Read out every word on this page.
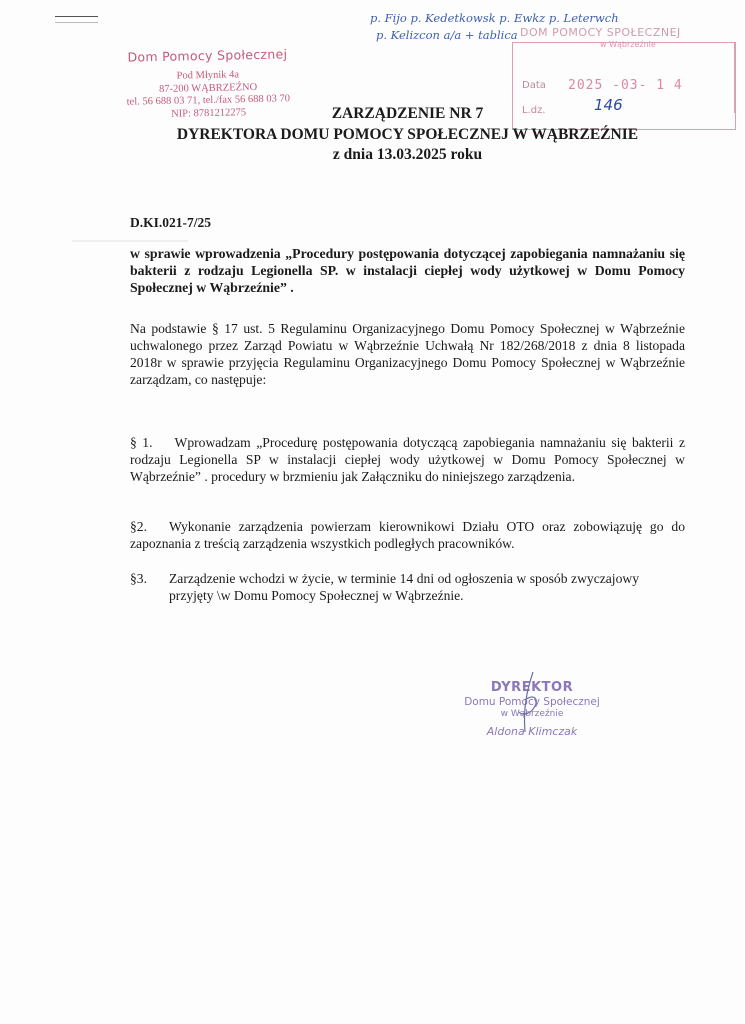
Dom Pomocy Społecznej
Pod Młynik 4a
87-200 WĄBRZEŹNO
tel. 56 688 03 71, tel./fax 56 688 03 70
NIP: 8781212275
DOM POMOCY SPOŁECZNEJ
w Wąbrzeźnie
Data 2025 -03- 1 4
L.dz.	146
p. Fijo p. Kedetkowsk p. Ewkz p. Leterwch
p. Kelizcon a/a + tablica
ZARZĄDZENIE NR 7
DYREKTORA DOMU POMOCY SPOŁECZNEJ W WĄBRZEŹNIE
z dnia 13.03.2025 roku
D.KI.021-7/25
w sprawie wprowadzenia „Procedury postępowania dotyczącej zapobiegania namnażaniu się bakterii z rodzaju Legionella SP. w instalacji ciepłej wody użytkowej w Domu Pomocy Społecznej w Wąbrzeźnie” .
Na podstawie § 17 ust. 5 Regulaminu Organizacyjnego Domu Pomocy Społecznej w Wąbrzeźnie uchwalonego przez Zarząd Powiatu w Wąbrzeźnie Uchwałą Nr 182/268/2018 z dnia 8 listopada 2018r w sprawie przyjęcia Regulaminu Organizacyjnego Domu Pomocy Społecznej w Wąbrzeźnie zarządzam, co następuje:
§ 1. Wprowadzam „Procedurę postępowania dotyczącą zapobiegania namnażaniu się bakterii z rodzaju Legionella SP w instalacji ciepłej wody użytkowej w Domu Pomocy Społecznej w Wąbrzeźnie” . procedury w brzmieniu jak Załączniku do niniejszego zarządzenia.
§2. Wykonanie zarządzenia powierzam kierownikowi Działu OTO oraz zobowiązuję go do zapoznania z treścią zarządzenia wszystkich podległych pracowników.
§3. Zarządzenie wchodzi w życie, w terminie 14 dni od ogłoszenia w sposób zwyczajowy przyjęty \w Domu Pomocy Społecznej w Wąbrzeźnie.
DYREKTOR
Domu Pomocy Społecznej
w Wąbrzeźnie
Aldona Klimczak
